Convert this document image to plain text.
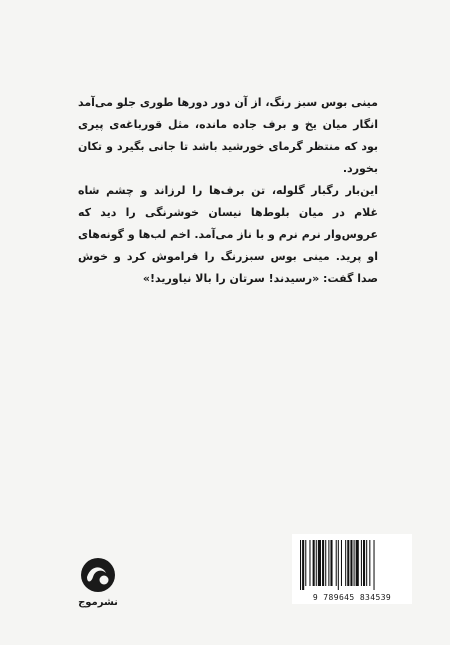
مینی بوس سبز رنگ، از آن دور دورها طوری جلو می‌آمد انگار میان یخ و برف جاده مانده، مثل قورباغه‌ی پیری بود که منتظر گرمای خورشید باشد تا جانی بگیرد و تکان بخورد.

این‌بار رگبار گلوله، تن برف‌ها را لرزاند و چشم شاه غلام در میان بلوط‌ها نیسان خوشرنگی را دید که عروس‌وار نرم نرم و با ناز می‌آمد. اخم لب‌ها و گونه‌های او پرید. مینی بوس سبزرنگ را فراموش کرد و خوش صدا گفت: «رسیدند! سرتان را بالا نیاورید!»

نشرموج	9 789645 834539
